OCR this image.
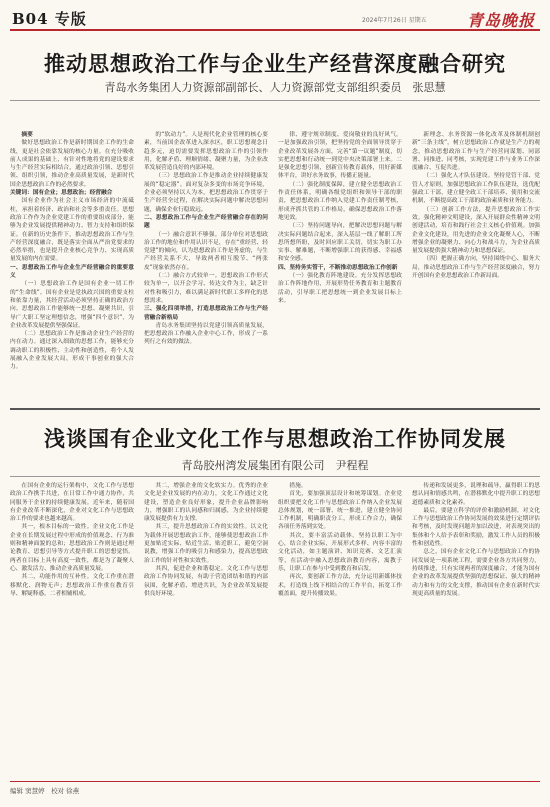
B04 专版	2024年7月26日 星期五	青岛晚报
推动思想政治工作与企业生产经营深度融合研究
青岛水务集团人力资源部副部长、人力资源部党支部组织委员　张思慧

摘要

做好思想政治工作是新时期国企工作的生命线，更是社会依靠发展的核心力量。在充分吸收前人成果的基础上，有针对性地将党的建设要求与生产经营实际相结合，通过政治引领、思想引领、组织引领，推动企业高质量发展，是新时代国企思想政治工作的必然要求。

关键词：国有企业；思想政治；经营融合

国有企业作为社会主义市场经济的中流砥柱，承担着经济、政治和社会等多重责任。思想政治工作作为企业党建工作的重要组成部分，能够为企业发展提供精神动力、智力支持和组织保证。在新的历史条件下，推动思想政治工作与生产经营深度融合，既是落实全面从严治党要求的必然举措，也是提升企业核心竞争力、实现高质量发展的内在需要。

一、思想政治工作与企业生产经营融合的重要意义

（一）思想政治工作是国有企业一切工作的“生命线”。国有企业是党执政兴国的重要支柱和依靠力量，其经营活动必须坚持正确的政治方向。思想政治工作能够统一思想、凝聚共识，引导广大职工坚定理想信念，增强“四个意识”，为企业改革发展提供坚强保证。

（二）思想政治工作是推动企业生产经营的内在动力。通过深入细致的思想工作，能够充分调动职工的积极性、主动性和创造性，将个人发展融入企业发展大局，形成干事创业的强大合力。

的“软动力”。人是现代化企业管理的核心要素，当前国企改革进入深水区，职工思想观念日趋多元，迫切需要发挥思想政治工作的引领作用，化解矛盾、理顺情绪、凝聚力量，为企业改革发展营造良好的内部环境。

（三）思想政治工作是推动企业持续健康发展的“稳定器”。面对复杂多变的市场竞争环境，企业必须坚持以人为本，把思想政治工作贯穿于生产经营全过程，在解决实际问题中解决思想问题，确保企业行稳致远。

二、思想政治工作与企业生产经营融合存在的问题

（一）融合意识不够强。部分单位对思想政治工作的地位和作用认识不足，存在“重经营、轻党建”的倾向，认为思想政治工作是务虚的，与生产经营关系不大，导致两者相互脱节、“两张皮”现象依然存在。

（二）融合方式较单一。思想政治工作形式较为单一，以开会学习、传达文件为主，缺乏针对性和吸引力，难以满足新时代职工多样化的思想需求。

三、强化四项举措，打造思想政治工作与生产经营融合新格局

青岛水务集团坚持以党建引领高质量发展，把思想政治工作融入企业中心工作，形成了一系列行之有效的做法。

律、遵守规章制度、爱岗敬业的良好风气。一是加强政治引领，把坚持党的全面领导贯穿于企业改革发展各方面，完善“第一议题”制度，切实把思想和行动统一到党中央决策部署上来。二是强化思想引领，创新宣传教育载体，用好新媒体平台，讲好水务故事，传播正能量。

（二）强化制度保障，建立健全思想政治工作责任体系，明确各级党组织和领导干部的职责，把思想政治工作纳入党建工作责任制考核，形成齐抓共管的工作格局，确保思想政治工作落地见效。

（三）坚持问题导向，把解决思想问题与解决实际问题结合起来，深入基层一线了解职工所思所想所盼，及时回应职工关切，切实为职工办实事、解难题，不断增强职工的获得感、幸福感和安全感。

四、坚持务实管干，不断推动思想政治工作创新

（一）强化教育阵地建设。充分发挥思想政治工作阵地作用，开展形势任务教育和主题教育活动，引导职工把思想统一到企业发展目标上来。

新理念、水务资源一体化改革及体制机制创新“三条主线”，树立思想政治工作就是生产力的观念，推动思想政治工作与生产经营同谋划、同部署、同推进、同考核，实现党建工作与业务工作深度融合、互促共进。

（二）强化人才队伍建设。坚持党管干部、党管人才原则，加强思想政治工作队伍建设，选优配强政工干部，建立健全政工干部培养、使用和交流机制，不断提高政工干部的政治素质和业务能力。

（三）创新工作方法，提升思想政治工作实效。强化精神文明建设，深入开展群众性精神文明创建活动，培育和践行社会主义核心价值观。加强企业文化建设，用先进的企业文化凝聚人心，不断增强企业的凝聚力、向心力和战斗力，为企业高质量发展提供强大精神动力和思想保证。

（四）把握正确方向，坚持围绕中心、服务大局，推动思想政治工作与生产经营深度融合，努力开创国有企业思想政治工作新局面。

浅谈国有企业文化工作与思想政治工作协同发展
青岛胶州湾发展集团有限公司　尹程程

在国有企业的运行架构中，文化工作与思想政治工作携手共进，在日常工作中通力协作，共同服务于企业的持续健康发展。近年来，随着国有企业改革不断深化，企业对文化工作与思想政治工作的要求也越来越高。

其一，根本目标的一致性。企业文化工作是企业在长期发展过程中形成的价值观念、行为准则和精神面貌的总和；思想政治工作则是通过理论教育、思想引导等方式提升职工的思想觉悟。两者在目标上具有高度一致性，都是为了凝聚人心、激发活力、推动企业高质量发展。

其二，功能作用的互补性。文化工作重在潜移默化、润物无声；思想政治工作重在教育引导、解疑释惑，二者相辅相成。

其二，增强企业的文化软实力。优秀的企业文化是企业发展的内在动力，文化工作通过文化建设，塑造企业良好形象，提升企业品牌影响力，增强职工的认同感和归属感，为企业持续健康发展提供有力支撑。

其三，提升思想政治工作的实效性。以文化为载体开展思想政治工作，能够使思想政治工作更加贴近实际、贴近生活、贴近职工，避免空洞说教，增强工作的吸引力和感染力，提高思想政治工作的针对性和实效性。

其四，促进企业和谐稳定。文化工作与思想政治工作协同发展，有助于营造团结和谐的内部氛围，化解矛盾、增进共识，为企业改革发展提供良好环境。

措施。

首先，要加强顶层设计和统筹谋划。企业党组织要把文化工作与思想政治工作纳入企业发展总体规划，统一部署、统一推进，建立健全协同工作机制，明确职责分工，形成工作合力，确保各项任务落到实处。

其次，要丰富活动载体。坚持以职工为中心，结合企业实际，开展形式多样、内容丰富的文化活动，如主题演讲、知识竞赛、文艺汇演等，在活动中融入思想政治教育内容，寓教于乐，让职工在参与中受到教育和启发。

再次，要创新工作方法，充分运用新媒体技术，打造线上线下相结合的工作平台，拓宽工作覆盖面，提升传播效果。

传递和发展更多，说理和疏导，赢得职工的思想认同和情感共鸣，在潜移默化中提升职工的思想道德素质和文化素养。

最后，要建立科学的评价和激励机制。对文化工作与思想政治工作协同发展的效果进行定期评估和考核，及时发现问题并加以改进，对表现突出的集体和个人给予表彰和奖励，激发工作人员的积极性和创造性。

总之，国有企业文化工作与思想政治工作的协同发展是一项系统工程，需要企业各方共同努力，持续推进，只有实现两者的深度融合，才能为国有企业的改革发展提供坚强的思想保证、强大的精神动力和有力的文化支撑，推动国有企业在新时代实现更高质量的发展。

编辑 窦慧婷　校对 徐燕
